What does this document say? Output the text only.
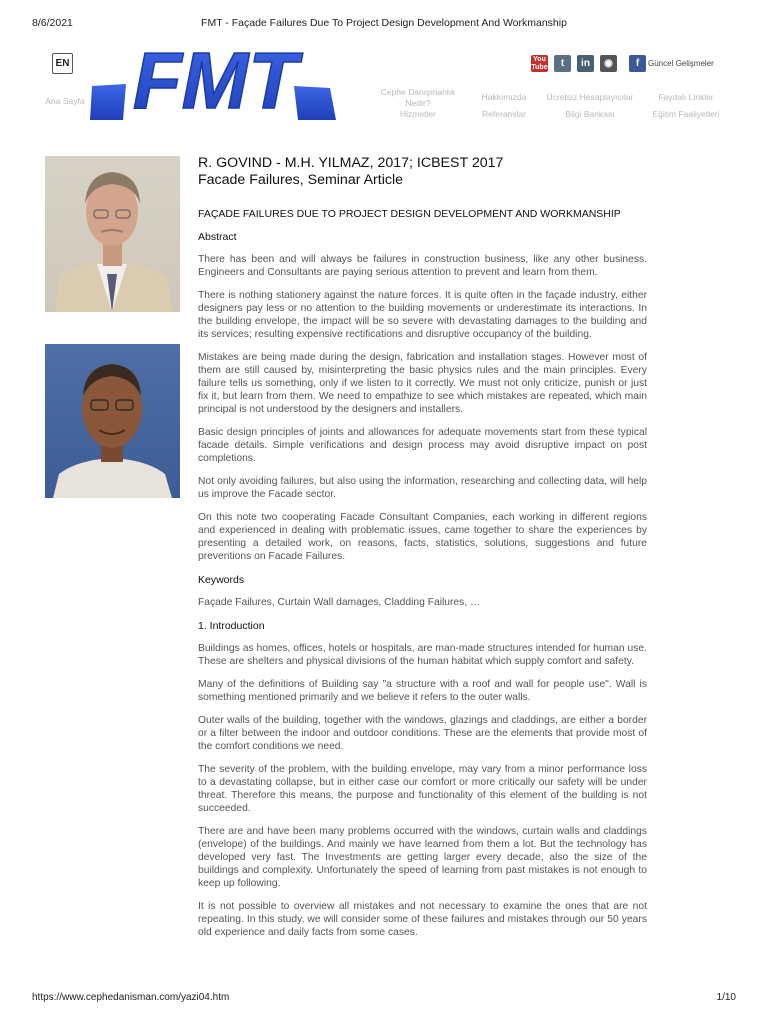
8/6/2021	FMT - Façade Failures Due To Project Design Development And Workmanship
EN FMT
Ana Sayfa
Cephe Danışmanlık Nedir?
Hizmetler
Hakkımızda
Referanslar
Ücretsiz Hesaplayıcılar
Bilgi Bankası
Faydalı Linkler
Eğitim Faaliyetleri
You
Tube	t	in	◉	f	Güncel Gelişmeler

R. GOVIND - M.H. YILMAZ, 2017; ICBEST 2017

Facade Failures, Seminar Article

FAÇADE FAILURES DUE TO PROJECT DESIGN DEVELOPMENT AND WORKMANSHIP

Abstract

There has been and will always be failures in construction business, like any other business. Engineers and Consultants are paying serious attention to prevent and learn from them.

There is nothing stationery against the nature forces. It is quite often in the façade industry, either designers pay less or no attention to the building movements or underestimate its interactions. In the building envelope, the impact will be so severe with devastating damages to the building and its services; resulting expensive rectifications and disruptive occupancy of the building.

Mistakes are being made during the design, fabrication and installation stages. However most of them are still caused by, misinterpreting the basic physics rules and the main principles. Every failure tells us something, only if we listen to it correctly. We must not only criticize, punish or just fix it, but learn from them. We need to empathize to see which mistakes are repeated, which main principal is not understood by the designers and installers.

Basic design principles of joints and allowances for adequate movements start from these typical facade details. Simple verifications and design process may avoid disruptive impact on post completions.

Not only avoiding failures, but also using the information, researching and collecting data, will help us improve the Facade sector.

On this note two cooperating Facade Consultant Companies, each working in different regions and experienced in dealing with problematic issues, came together to share the experiences by presenting a detailed work, on reasons, facts, statistics, solutions, suggestions and future preventions on Facade Failures.

Keywords

Façade Failures, Curtain Wall damages, Cladding Failures, …

1. Introduction

Buildings as homes, offices, hotels or hospitals, are man-made structures intended for human use. These are shelters and physical divisions of the human habitat which supply comfort and safety.

Many of the definitions of Building say "a structure with a roof and wall for people use". Wall is something mentioned primarily and we believe it refers to the outer walls.

Outer walls of the building, together with the windows, glazings and claddings, are either a border or a filter between the indoor and outdoor conditions. These are the elements that provide most of the comfort conditions we need.

The severity of the problem, with the building envelope, may vary from a minor performance loss to a devastating collapse, but in either case our comfort or more critically our safety will be under threat. Therefore this means, the purpose and functionality of this element of the building is not succeeded.

There are and have been many problems occurred with the windows, curtain walls and claddings (envelope) of the buildings. And mainly we have learned from them a lot. But the technology has developed very fast. The Investments are getting larger every decade, also the size of the buildings and complexity. Unfortunately the speed of learning from past mistakes is not enough to keep up following.

It is not possible to overview all mistakes and not necessary to examine the ones that are not repeating. In this study, we will consider some of these failures and mistakes through our 50 years old experience and daily facts from some cases.

https://www.cephedanisman.com/yazi04.htm	1/10
